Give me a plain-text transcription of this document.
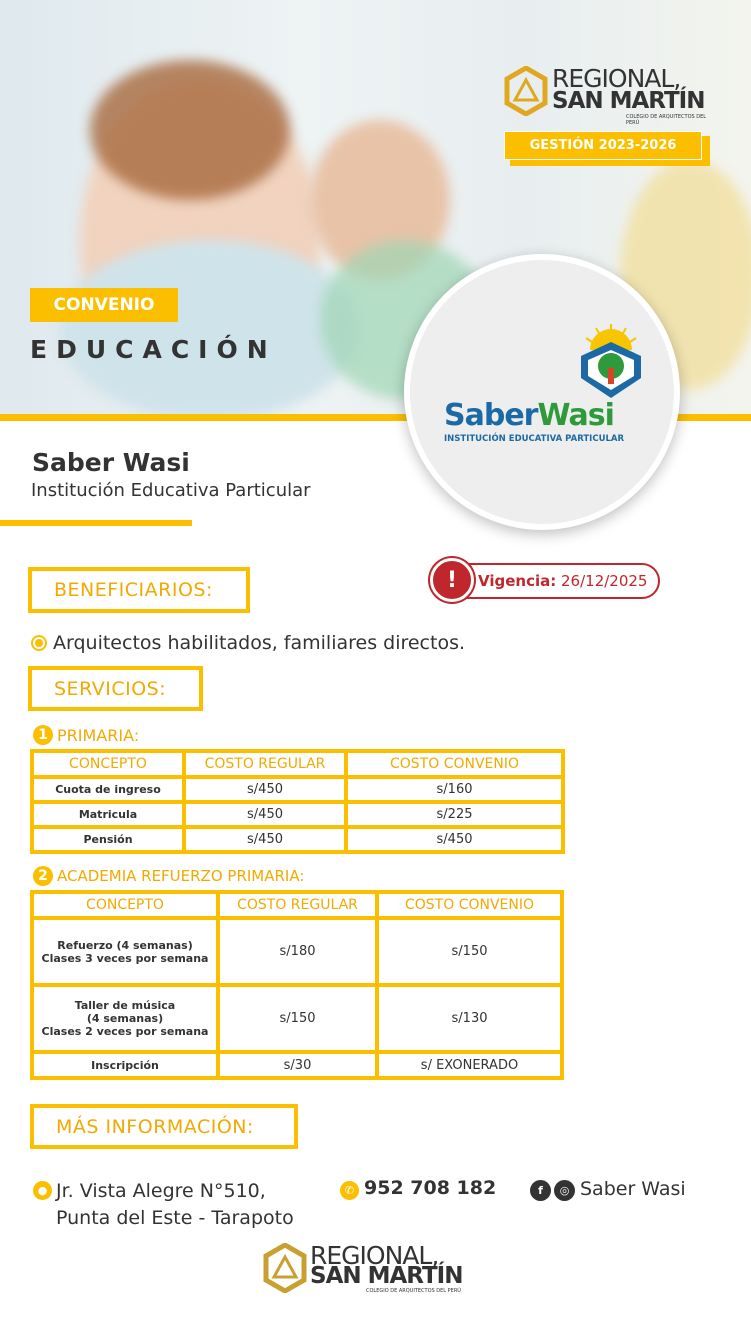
REGIONAL,
SAN MARTÍN
COLEGIO DE ARQUITECTOS DEL PERÚ
GESTIÓN 2023-2026
CONVENIO
EDUCACIÓN
SaberWasi
INSTITUCIÓN EDUCATIVA PARTICULAR
Saber Wasi
Institución Educativa Particular
BENEFICIARIOS:	Vigencia:
26/12/2025
!
Arquitectos habilitados, familiares directos.
SERVICIOS:
1 PRIMARIA:
CONCEPTO	COSTO REGULAR	COSTO CONVENIO
Cuota de ingreso	s/450	s/160
Matricula	s/450	s/225
Pensión	s/450	s/450
2 ACADEMIA REFUERZO PRIMARIA:
CONCEPTO	COSTO REGULAR	COSTO CONVENIO

Refuerzo (4 semanas)
Clases 3 veces por semana	s/180	s/150

Taller de música
(4 semanas)
Clases 2 veces por semana	s/150	s/130
Inscripción	s/30	s/ EXONERADO
MÁS INFORMACIÓN:
● Jr. Vista Alegre N°510,
Punta del Este - Tarapoto
✆ 952 708 182	f	◎ Saber Wasi
REGIONAL,
SAN MARTÍN
COLEGIO DE ARQUITECTOS DEL PERÚ
